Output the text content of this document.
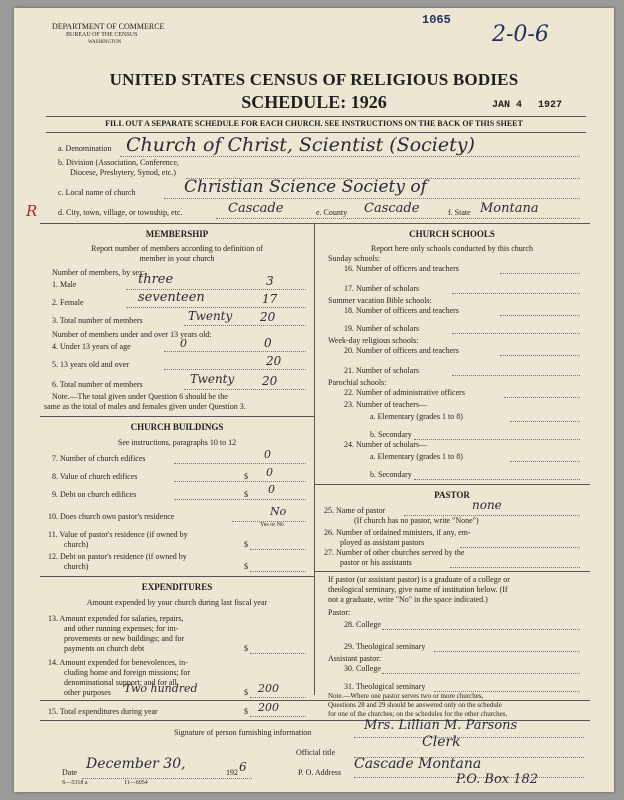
DEPARTMENT OF COMMERCE
BUREAU OF THE CENSUS
WASHINGTON
1065
2-0-6
UNITED STATES CENSUS OF RELIGIOUS BODIES
SCHEDULE: 1926	JAN 4 1927
FILL OUT A SEPARATE SCHEDULE FOR EACH CHURCH. SEE INSTRUCTIONS ON THE BACK OF THIS SHEET
a. Denomination Church of Christ, Scientist (Society)
b. Division (Association, Conference,
Diocese, Presbytery, Synod, etc.)
c. Local name of church	Christian Science Society of
R	d. City, town, village, or township, etc.	Cascade	e. County Cascade	f. State Montana
MEMBERSHIP
Report number of members according to definition of
member in your church
Number of members, by sex:
1. Male	three	3
2. Female	seventeen	17
3. Total number of members	Twenty 20
Number of members under and over 13 years old:
4. Under 13 years of age	0	0
5. 13 years old and over	20
6. Total number of members	Twenty 20
Note.—The total given under Question 6 should be the
same as the total of males and females given under Question 3.
CHURCH BUILDINGS
See instructions, paragraphs 10 to 12
7. Number of church edifices	0
8. Value of church edifices	$ 0
9. Debt on church edifices	$ 0
10. Does church own pastor's residence	No
Yes or No
11. Value of pastor's residence (if owned by
church)	$
12. Debt on pastor's residence (if owned by
church)	$
EXPENDITURES
Amount expended by your church during last fiscal year
13. Amount expended for salaries, repairs,
and other running expenses; for im-
provements or new buildings; and for
payments on church debt	$
14. Amount expended for benevolences, in-
cluding home and foreign missions; for
denominational support; and for all
other purposes Two hundred	$ 200
15. Total expenditures during year	$ 200
CHURCH SCHOOLS
Report here only schools conducted by this church
Sunday schools:
16. Number of officers and teachers
17. Number of scholars
Summer vacation Bible schools:
18. Number of officers and teachers
19. Number of scholars
Week-day religious schools:
20. Number of officers and teachers
21. Number of scholars
Parochial schools:
22. Number of administrative officers
23. Number of teachers—
a. Elementary (grades 1 to 8)
b. Secondary
24. Number of scholars—
a. Elementary (grades 1 to 8)
b. Secondary
PASTOR
25. Name of pastor	none
(If church has no pastor, write "None")
26. Number of ordained ministers, if any, em-
ployed as assistant pastors
27. Number of other churches served by the
pastor or his assistants
If pastor (or assistant pastor) is a graduate of a college or
theological seminary, give name of institution below. (If
not a graduate, write "No" in the space indicated.)
Pastor:
28. College
29. Theological seminary
Assistant pastor:
30. College
31. Theological seminary
Note.—Where one pastor serves two or more churches,
Questions 28 and 29 should be answered only on the schedule
for one of the churches; on the schedules for the other churches,
Signature of person furnishing information	Mrs. Lillian M. Parsons
Official title
Clerk
Date
December 30,
192 6	P. O. Address
Cascade Montana
P.O. Box 182
S—5318 a	11—6054
